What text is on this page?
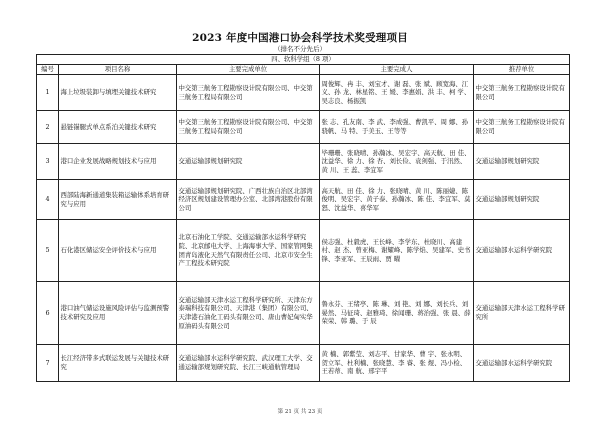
2023 年度中国港口协会科学技术奖受理项目
（排名不分先后）
四、软科学组（8 项）				
编号	项目名称	主要完成单位	主要完成人	推荐单位
1	海上垃圾装卸与填埋关键技术研究	中交第三航务工程勘察设计院有限公司、中交第三航务工程局有限公司	周俊辉、冉 丰、刘宝才、谢 磊、张 斌、顾宽海、江 义、孙 龙、林星铭、王 媛、李惠娟、洪 丰、柯 学、吴志良、杨振凯	中交第三航务工程勘察设计院有限公司
2	悬链锚腿式单点系泊关键技术研究	中交第三航务工程勘察设计院有限公司、中交第三航务工程局有限公司	张 志、孔友南、李 武、李成强、曹凯平、周 娜、孙骁帆、马 特、于美玉、王等等	中交第三航务工程勘察设计院有限公司
3	港口企业发展战略规划技术与应用	交通运输部规划研究院	毕珊珊、张晓晴、孙瀚冰、吴宏宇、高天航、田 佳、沈益华、徐 力、徐 杏、刘长俭、袁剑强、于汛然、黄 川、王 蕊、李宜军	交通运输部规划研究院
4	西部陆海新通道集装箱运输体系培育研究与应用	交通运输部规划研究院、广西壮族自治区北部湾经济区规划建设管理办公室、北部湾港股份有限公司	高天航、田 佳、徐 力、张晓晴、黄 川、陈丽婕、陈俊明、吴宏宇、黄子泰、孙瀚冰、陈 佳、李宜军、莫 怒、沈益华、喜华军	交通运输部规划研究院
5	石化港区储运安全评价技术与应用	北京石油化工学院、交通运输部水运科学研究院、北京邮电大学、上海海事大学、国家管网集团青岛液化天然气有限责任公司、北京市安全生产工程技术研究院	侯志强、杜毅虎、王长峰、李学东、杜晓川、高建村、赵 杰、曾亚梅、谢耀峰、陈学焰、吴建军、史书锋、李亚军、王辰雨、贾 曜	交通运输部水运科学研究院
6	港口油气储运设施风险评估与监测预警技术研究及应用	交通运输部天津水运工程科学研究所、天津东方泰瑞科技有限公司、天津港（集团）有限公司、天津港石油化工码头有限公司、唐山曹妃甸实华原油码头有限公司	鲁永芬、王绪亭、陈 琳、刘 艳、刘 娜、刘长兵、刘晏然、马征琦、赵雅琦、徐闻珊、蒋治强、张 晨、薛荣荣、韩 璐、于 辰	交通运输部天津水运工程科学研究所
7	长江经济带多式联运发展与关键技术研究	交通运输部水运科学研究院、武汉理工大学、交通运输部规划研究院、长江三峡通航管理局	黄 楠、郭紫莹、刘志平、甘家华、曹 宇、张永明、贺立军、杜利楠、张晓慧、李 睿、张 煜、冯小检、王若蒂、南 航、邢宇平	交通运输部水运科学研究院
第 21 页 共 23 页
